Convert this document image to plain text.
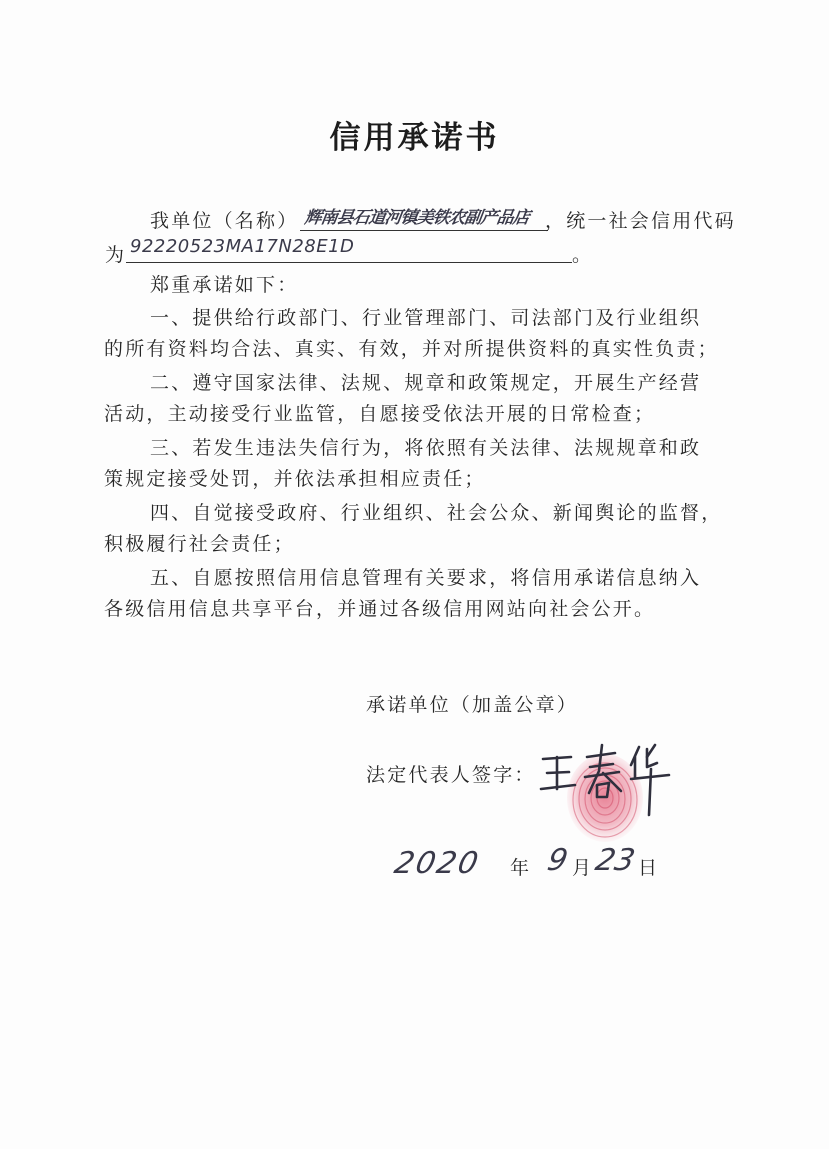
信用承诺书
我单位（名称） 辉南县石道河镇美铁农副产品店 ，统一社会信用代码
为 92220523MA17N28E1D	。
郑重承诺如下：
一、提供给行政部门、行业管理部门、司法部门及行业组织
的所有资料均合法、真实、有效，并对所提供资料的真实性负责；
二、遵守国家法律、法规、规章和政策规定，开展生产经营
活动，主动接受行业监管，自愿接受依法开展的日常检查；
三、若发生违法失信行为，将依照有关法律、法规规章和政
策规定接受处罚，并依法承担相应责任；
四、自觉接受政府、行业组织、社会公众、新闻舆论的监督，
积极履行社会责任；
五、自愿按照信用信息管理有关要求，将信用承诺信息纳入
各级信用信息共享平台，并通过各级信用网站向社会公开。
承诺单位（加盖公章）
法定代表人签字：
2020 年 9 月 23 日
